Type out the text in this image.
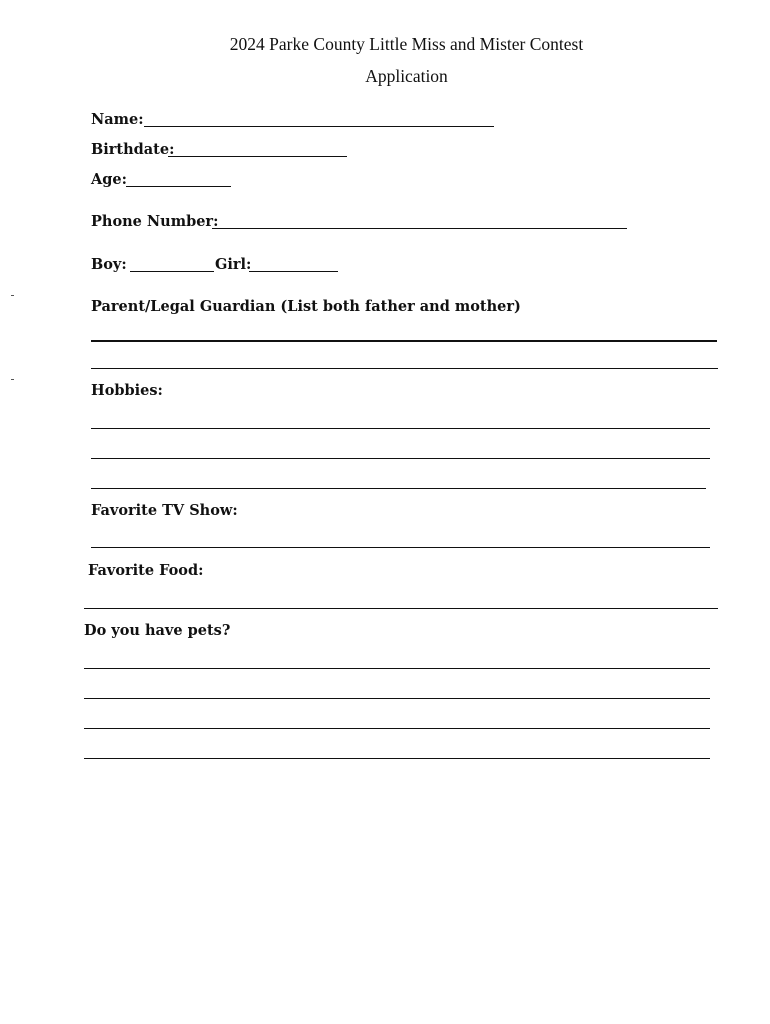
2024 Parke County Little Miss and Mister Contest
Application
Name:
Birthdate:
Age:
Phone Number:
Boy:	Girl:
Parent/Legal Guardian (List both father and mother)
Hobbies:
Favorite TV Show:
Favorite Food:
Do you have pets?
